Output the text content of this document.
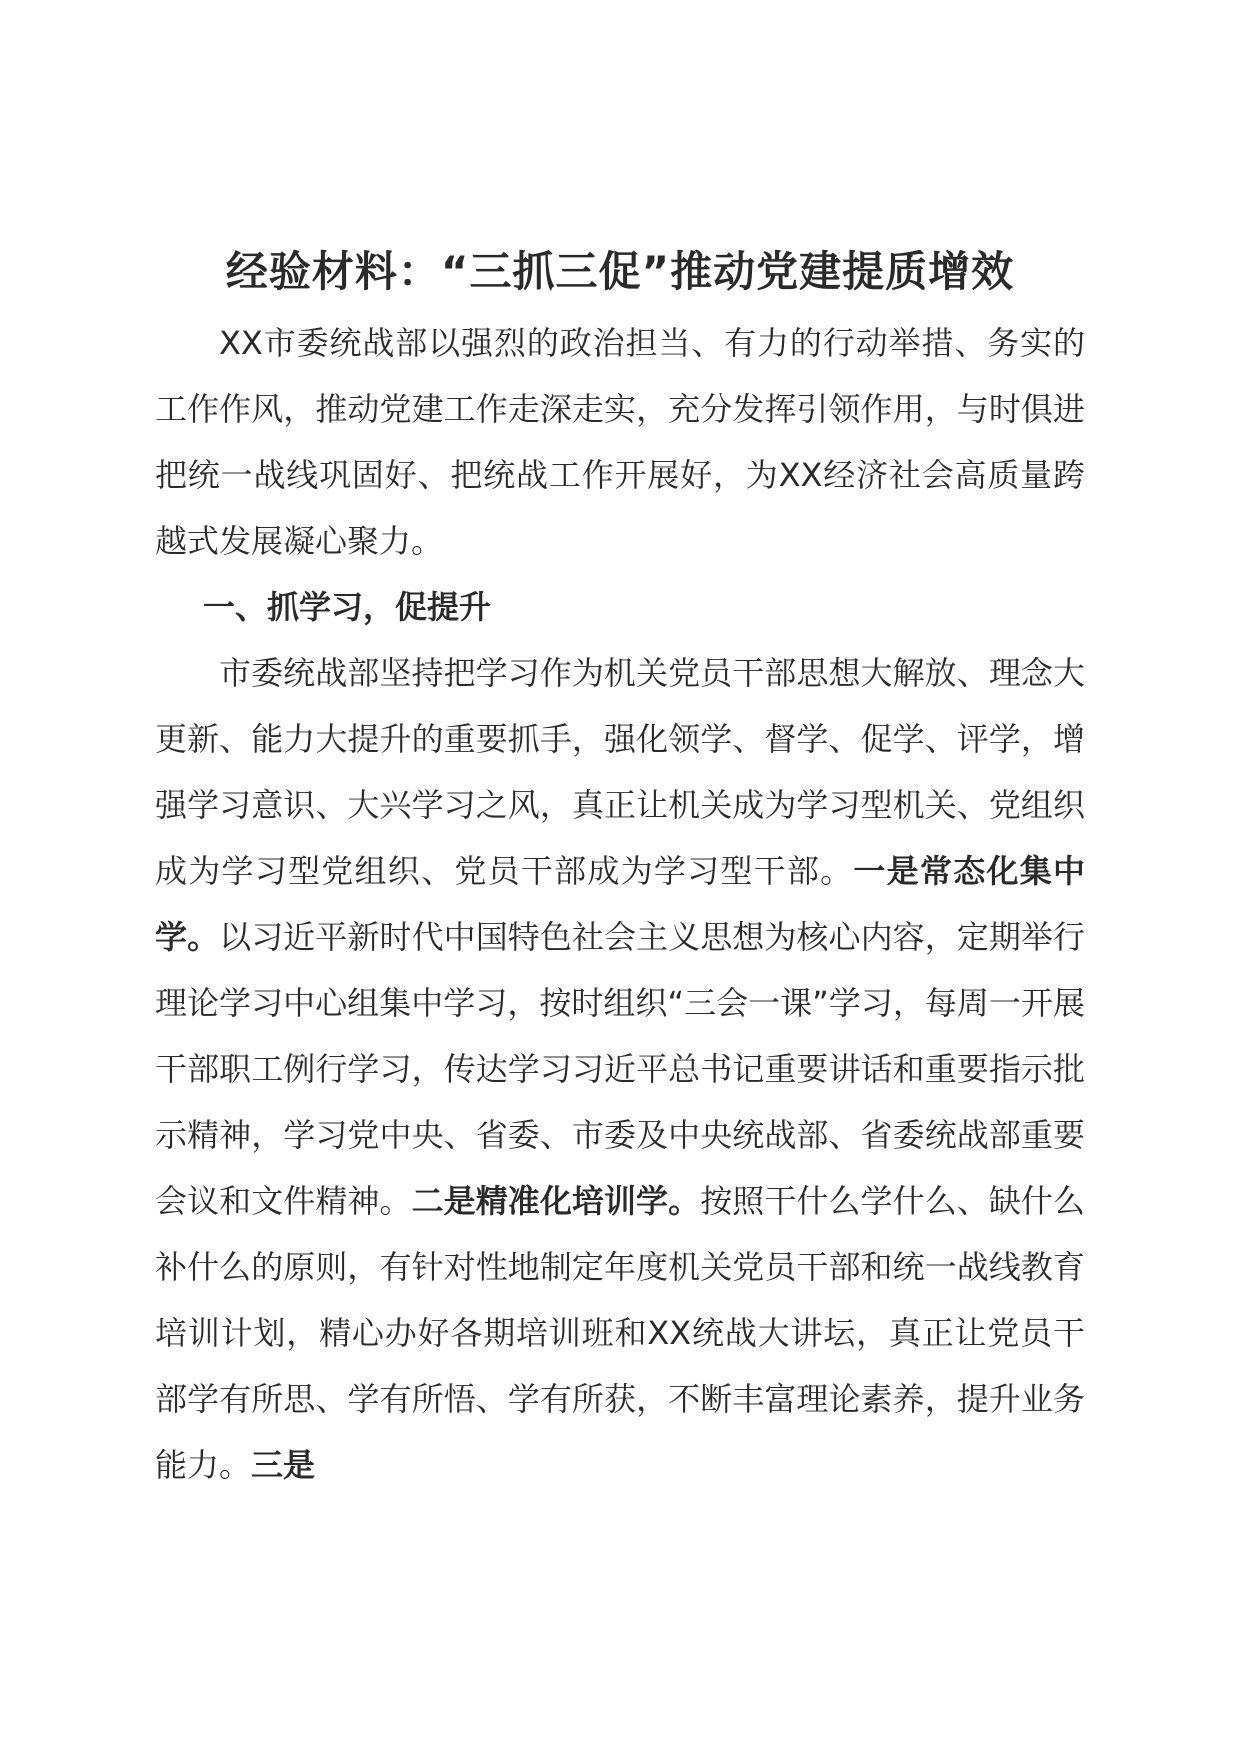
经验材料：“三抓三促”推动党建提质增效

XX市委统战部以强烈的政治担当、有力的行动举措、务实的工作作风，推动党建工作走深走实，充分发挥引领作用，与时俱进把统一战线巩固好、把统战工作开展好，为XX经济社会高质量跨越式发展凝心聚力。

一、抓学习，促提升

市委统战部坚持把学习作为机关党员干部思想大解放、理念大更新、能力大提升的重要抓手，强化领学、督学、促学、评学，增强学习意识、大兴学习之风，真正让机关成为学习型机关、党组织成为学习型党组织、党员干部成为学习型干部。一是常态化集中学。以习近平新时代中国特色社会主义思想为核心内容，定期举行理论学习中心组集中学习，按时组织“三会一课”学习，每周一开展干部职工例行学习，传达学习习近平总书记重要讲话和重要指示批示精神，学习党中央、省委、市委及中央统战部、省委统战部重要会议和文件精神。二是精准化培训学。按照干什么学什么、缺什么补什么的原则，有针对性地制定年度机关党员干部和统一战线教育培训计划，精心办好各期培训班和XX统战大讲坛，真正让党员干部学有所思、学有所悟、学有所获，不断丰富理论素养，提升业务能力。三是
